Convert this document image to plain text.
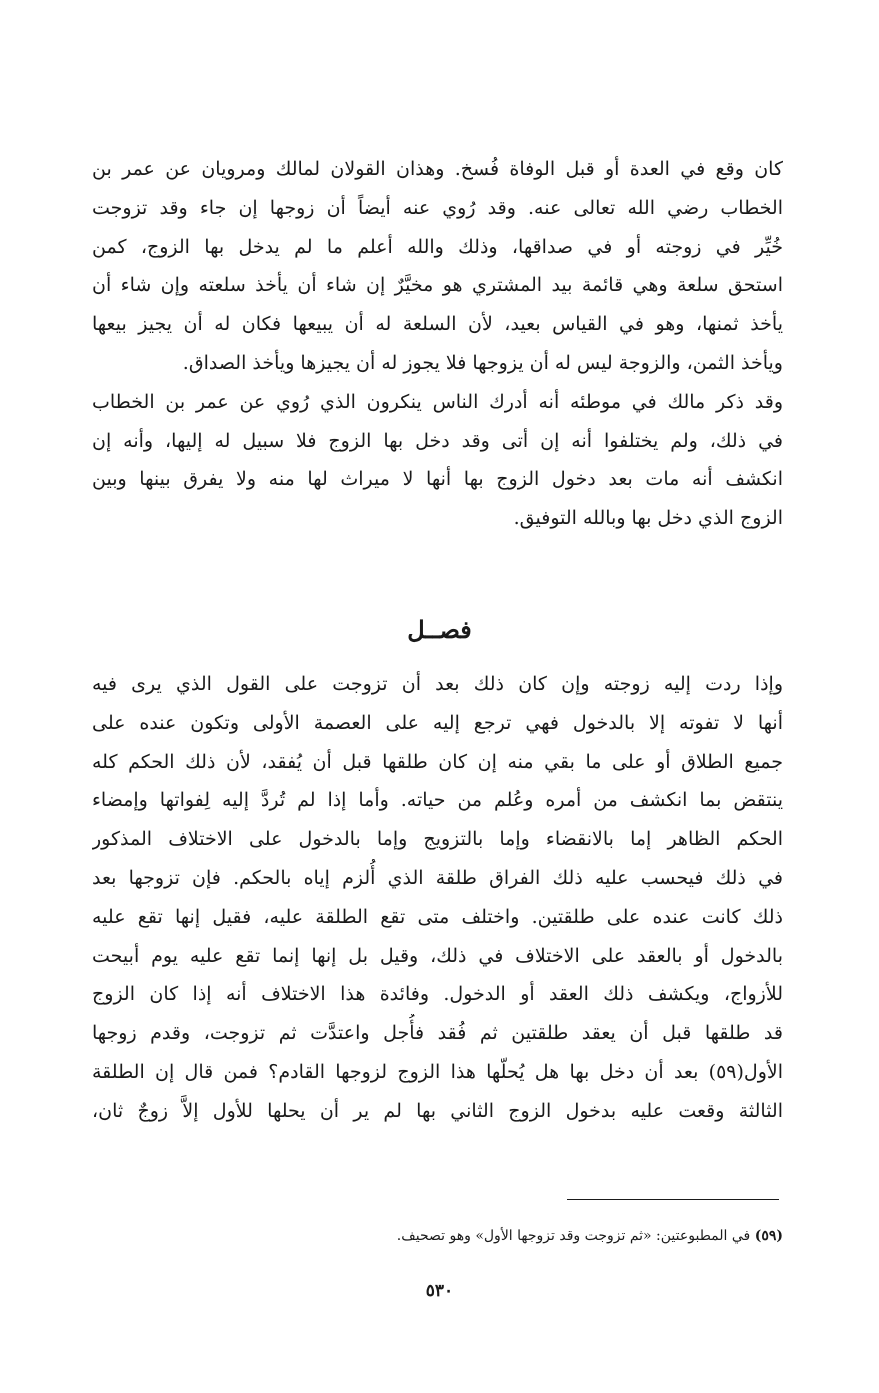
كان وقع في العدة أو قبل الوفاة فُسخ. وهذان القولان لمالك ومرويان عن عمر بن
الخطاب رضي الله تعالى عنه. وقد رُوي عنه أيضاً أن زوجها إن جاء وقد تزوجت
خُيِّر في زوجته أو في صداقها، وذلك والله أعلم ما لم يدخل بها الزوج، كمن
استحق سلعة وهي قائمة بيد المشتري هو مخيَّرٌ إن شاء أن يأخذ سلعته وإن شاء أن
يأخذ ثمنها، وهو في القياس بعيد، لأن السلعة له أن يبيعها فكان له أن يجيز بيعها
ويأخذ الثمن، والزوجة ليس له أن يزوجها فلا يجوز له أن يجيزها ويأخذ الصداق.
وقد ذكر مالك في موطئه أنه أدرك الناس ينكرون الذي رُوي عن عمر بن الخطاب
في ذلك، ولم يختلفوا أنه إن أتى وقد دخل بها الزوج فلا سبيل له إليها، وأنه إن
انكشف أنه مات بعد دخول الزوج بها أنها لا ميراث لها منه ولا يفرق بينها وبين
الزوج الذي دخل بها وبالله التوفيق.
فصــل
وإذا ردت إليه زوجته وإن كان ذلك بعد أن تزوجت على القول الذي يرى فيه
أنها لا تفوته إلا بالدخول فهي ترجع إليه على العصمة الأولى وتكون عنده على
جميع الطلاق أو على ما بقي منه إن كان طلقها قبل أن يُفقد، لأن ذلك الحكم كله
ينتقض بما انكشف من أمره وعُلم من حياته. وأما إذا لم تُردَّ إليه لِفواتها وإمضاء
الحكم الظاهر إما بالانقضاء وإما بالتزويج وإما بالدخول على الاختلاف المذكور
في ذلك فيحسب عليه ذلك الفراق طلقة الذي أُلزم إياه بالحكم. فإن تزوجها بعد
ذلك كانت عنده على طلقتين. واختلف متى تقع الطلقة عليه، فقيل إنها تقع عليه
بالدخول أو بالعقد على الاختلاف في ذلك، وقيل بل إنها إنما تقع عليه يوم أبيحت
للأزواج، ويكشف ذلك العقد أو الدخول. وفائدة هذا الاختلاف أنه إذا كان الزوج
قد طلقها قبل أن يعقد طلقتين ثم فُقد فأُجل واعتدَّت ثم تزوجت، وقدم زوجها
الأول(٥٩) بعد أن دخل بها هل يُحلّها هذا الزوج لزوجها القادم؟ فمن قال إن الطلقة
الثالثة وقعت عليه بدخول الزوج الثاني بها لم ير أن يحلها للأول إلاَّ زوجٌ ثان،
(٥٩) في المطبوعتين: «ثم تزوجت وقد تزوجها الأول» وهو تصحيف.
٥٣٠
